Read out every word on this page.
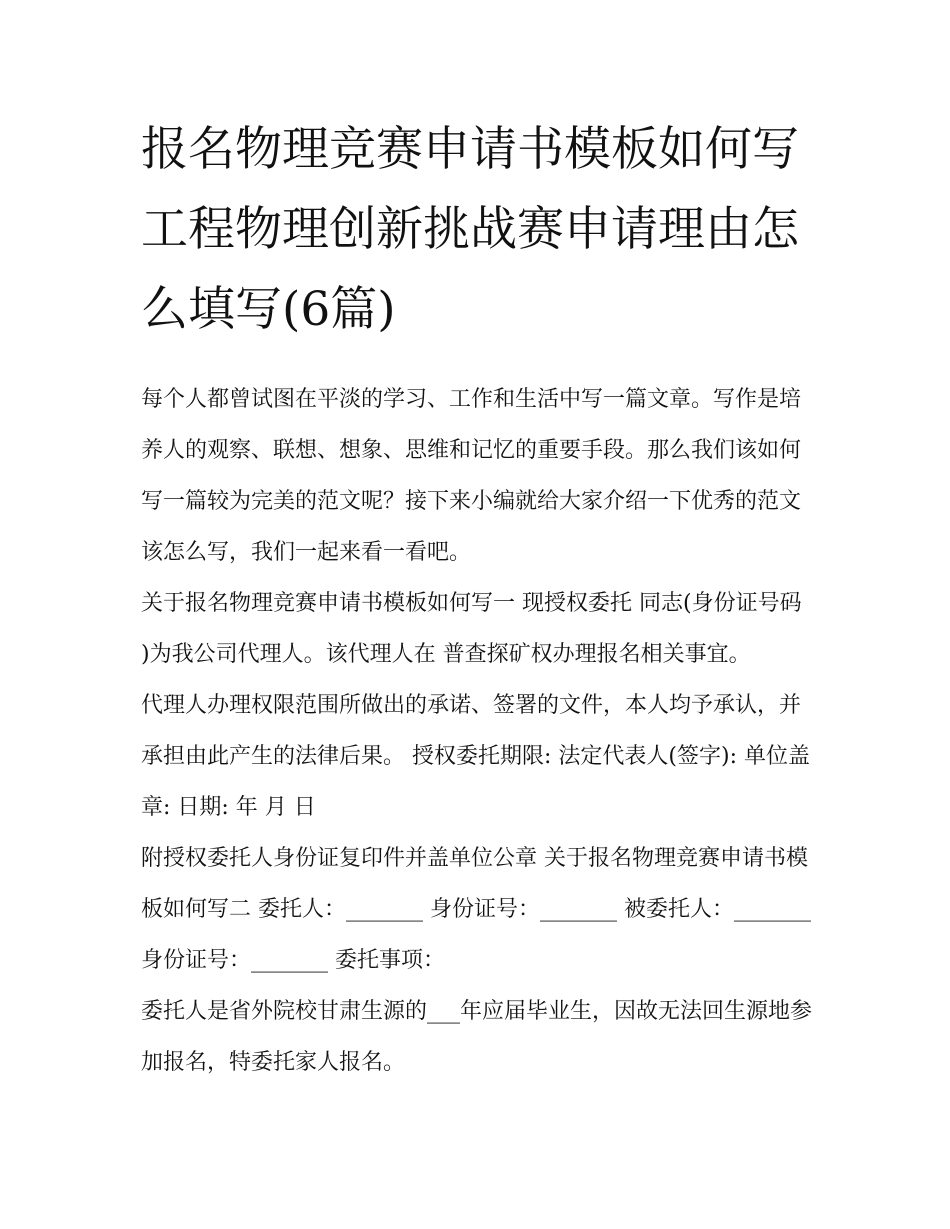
报名物理竞赛申请书模板如何写 工程物理创新挑战赛申请理由怎么填写(6篇)

每个人都曾试图在平淡的学习、工作和生活中写一篇文章。写作是培养人的观察、联想、想象、思维和记忆的重要手段。那么我们该如何写一篇较为完美的范文呢？接下来小编就给大家介绍一下优秀的范文该怎么写，我们一起来看一看吧。

关于报名物理竞赛申请书模板如何写一 现授权委托 同志(身份证号码 )为我公司代理人。该代理人在 普查探矿权办理报名相关事宜。

代理人办理权限范围所做出的承诺、签署的文件，本人均予承认，并承担由此产生的法律后果。 授权委托期限: 法定代表人(签字): 单位盖章: 日期: 年 月 日

附授权委托人身份证复印件并盖单位公章 关于报名物理竞赛申请书模板如何写二 委托人：_______ 身份证号：_______ 被委托人：_______ 身份证号：_______ 委托事项：

委托人是省外院校甘肃生源的___年应届毕业生，因故无法回生源地参加报名，特委托家人报名。
